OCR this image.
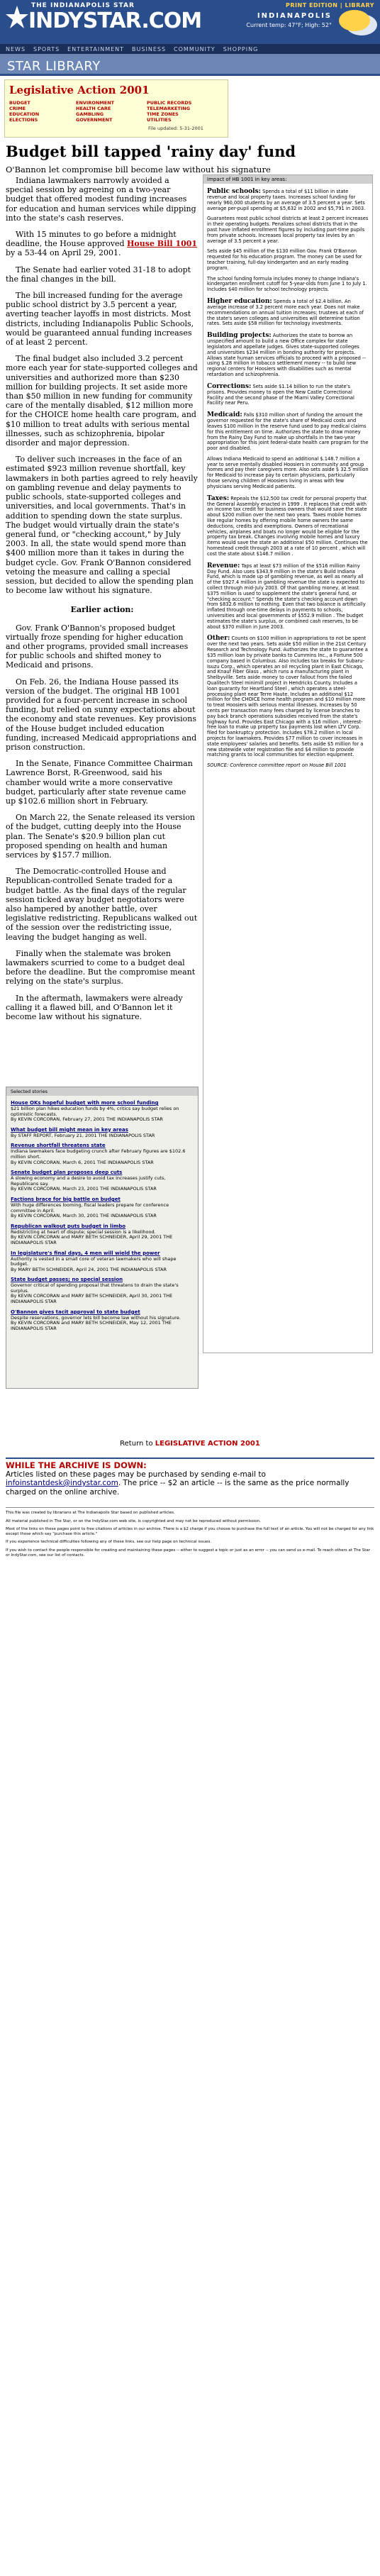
THE INDIANAPOLIS STAR
INDYSTAR.COM
PRINT EDITION | LIBRARY
INDIANAPOLIS
Current temp: 47°F; High: 52°
NEWS SPORTS ENTERTAINMENT BUSINESS COMMUNITY SHOPPING
STAR LIBRARY
Legislative Action 2001
BUDGET
CRIME
EDUCATION
ELECTIONS
ENVIRONMENT
HEALTH CARE
GAMBLING
GOVERNMENT
PUBLIC RECORDS
TELEMARKETING
TIME ZONES
UTILITIES
File updated: 5-31-2001
Budget bill tapped 'rainy day' fund
O'Bannon let compromise bill become law without his signature

Indiana lawmakers narrowly avoided a special session by agreeing on a two-year budget that offered modest funding increases for education and human services while dipping into the state's cash reserves.

With 15 minutes to go before a midnight deadline, the House approved House Bill 1001 by a 53-44 on April 29, 2001.

The Senate had earlier voted 31-18 to adopt the final changes in the bill.

The bill increased funding for the average public school district by 3.5 percent a year, averting teacher layoffs in most districts. Most districts, including Indianapolis Public Schools, would be guaranteed annual funding increases of at least 2 percent.

The final budget also included 3.2 percent more each year for state-supported colleges and universities and authorized more than $230 million for building projects. It set aside more than $50 million in new funding for community care of the mentally disabled, $12 million more for the CHOICE home health care program, and $10 million to treat adults with serious mental illnesses, such as schizophrenia, bipolar disorder and major depression.

To deliver such increases in the face of an estimated $923 million revenue shortfall, key lawmakers in both parties agreed to rely heavily on gambling revenue and delay payments to public schools, state-supported colleges and universities, and local governments. That's in addition to spending down the state surplus. The budget would virtually drain the state's general fund, or "checking account," by July 2003. In all, the state would spend more than $400 million more than it takes in during the budget cycle. Gov. Frank O'Bannon considered vetoing the measure and calling a special session, but decided to allow the spending plan to become law without his signature.

Earlier action:

Gov. Frank O'Bannon's proposed budget virtually froze spending for higher education and other programs, provided small increases for public schools and shifted money to Medicaid and prisons.

On Feb. 26, the Indiana House passed its version of the budget. The original HB 1001 provided for a four-percent increase in school funding, but relied on sunny expectations about the economy and state revenues. Key provisions of the House budget included education funding, increased Medicaid appropriations and prison construction.

In the Senate, Finance Committee Chairman Lawrence Borst, R-Greenwood, said his chamber would write a more conservative budget, particularly after state revenue came up $102.6 million short in February.

On March 22, the Senate released its version of the budget, cutting deeply into the House plan. The Senate's $20.9 billion plan cut proposed spending on health and human services by $157.7 million.

The Democratic-controlled House and Republican-controlled Senate traded for a budget battle. As the final days of the regular session ticked away budget negotiators were also hampered by another battle, over legislative redistricting. Republicans walked out of the session over the redistricting issue, leaving the budget hanging as well.

Finally when the stalemate was broken lawmakers scurried to come to a budget deal before the deadline. But the compromise meant relying on the state's surplus.

In the aftermath, lawmakers were already calling it a flawed bill, and O'Bannon let it become law without his signature.

Selected stories
House OKs hopeful budget with more school funding
$21 billion plan hikes education funds by 4%, critics say budget relies on optimistic forecasts.
By KEVIN CORCORAN, February 27, 2001 THE INDIANAPOLIS STAR
What budget bill might mean in key areas
By STAFF REPORT, February 21, 2001 THE INDIANAPOLIS STAR
Revenue shortfall threatens state
Indiana lawmakers face budgeting crunch after February figures are $102.6 million short.
By KEVIN CORCORAN, March 6, 2001 THE INDIANAPOLIS STAR
Senate budget plan proposes deep cuts
A slowing economy and a desire to avoid tax increases justify cuts, Republicans say.
By KEVIN CORCORAN, March 23, 2001 THE INDIANAPOLIS STAR
Factions brace for big battle on budget
With huge differences looming, fiscal leaders prepare for conference committee in April.
By KEVIN CORCORAN, March 30, 2001 THE INDIANAPOLIS STAR
Republican walkout puts budget in limbo
Redistricting at heart of dispute; special session is a likelihood.
By KEVIN CORCORAN and MARY BETH SCHNEIDER, April 29, 2001 THE INDIANAPOLIS STAR
In legislature's final days, 4 men will wield the power
Authority is vested in a small core of veteran lawmakers who will shape budget.
By MARY BETH SCHNEIDER, April 24, 2001 THE INDIANAPOLIS STAR
State budget passes; no special session
Governor critical of spending proposal that threatens to drain the state's surplus.
By KEVIN CORCORAN and MARY BETH SCHNEIDER, April 30, 2001 THE INDIANAPOLIS STAR
O'Bannon gives tacit approval to state budget
Despite reservations, governor lets bill become law without his signature.
By KEVIN CORCORAN and MARY BETH SCHNEIDER, May 12, 2001 THE INDIANAPOLIS STAR
Impact of HB 1001 in key areas:

Public schools: Spends a total of $11 billion in state revenue and local property taxes. Increases school funding for nearly 960,000 students by an average of 3.5 percent a year. Sets average per-pupil spending at $5,632 in 2002 and $5,791 in 2003.

Guarantees most public school districts at least 2 percent increases in their operating budgets. Penalizes school districts that in the past have inflated enrollment figures by including part-time pupils from private schools. Increases local property tax levies by an average of 3.5 percent a year.

Sets aside $45 million of the $130 million Gov. Frank O'Bannon requested for his education program. The money can be used for teacher training, full-day kindergarten and an early reading program.

The school funding formula includes money to change Indiana's kindergarten enrollment cutoff for 5-year-olds from June 1 to July 1. Includes $40 million for school technology projects.

Higher education: Spends a total of $2.4 billion. An average increase of 3.2 percent more each year. Does not make recommendations on annual tuition increases; trustees at each of the state's seven colleges and universities will determine tuition rates. Sets aside $58 million for technology investments.

Building projects: Authorizes the state to borrow an unspecified amount to build a new Office complex for state legislators and appellate judges. Gives state-supported colleges and universities $234 million in bonding authority for projects. Allows state human services officials to proceed with a proposed -- using $.28 million in tobacco settlement money -- to build new regional centers for Hoosiers with disabilities such as mental retardation and schizophrenia.

Corrections: Sets aside $1.14 billion to run the state's prisons. Provides money to open the New Castle Correctional Facility and the second phase of the Miami Valley Correctional Facility near Peru.

Medicaid: Falls $310 million short of funding the amount the governor requested for the state's share of Medicaid costs and leaves $100 million in the reserve fund used to pay medical claims for this entitlement on time. Authorizes the state to draw money from the Rainy Day Fund to make up shortfalls in the two-year appropriation for this joint federal-state health care program for the poor and disabled.

Allows Indiana Medicaid to spend an additional $.148.7 million a year to serve mentally disabled Hoosiers in community and group homes and pay their caregivers more. Also sets aside $ 32.5 million for Medicaid to increase pay to certain physicians, particularly those serving children of Hoosiers living in areas with few physicians serving Medicaid patients.

Taxes: Repeals the $12,500 tax credit for personal property that the General Assembly enacted in 1999 . It replaces that credit with an income tax credit for business owners that would save the state about $200 million over the next two years. Taxes mobile homes like regular homes by offering mobile home owners the same deductions, credits and exemptions. Owners of recreational vehicles, airplanes and boats no longer would be eligible for the property tax break. Changes involving mobile homes and luxury items would save the state an additional $50 million. Continues the homestead credit through 2003 at a rate of 10 percent , which will cost the state about $146.7 million .

Revenue: Taps at least $73 million of the $516 million Rainy Day Fund. Also uses $343.9 million in the state's Build Indiana Fund, which is made up of gambling revenue, as well as nearly all of the $927.4 million in gambling revenue the state is expected to collect through mid-July 2003. Of that gambling money, at least $375 million is used to supplement the state's general fund, or "checking account." Spends the state's checking account down from $832.6 million to nothing. Even that two balance is artificially inflated through one-time delays in payments to schools, universities and local governments of $552.9 million . The budget estimates the state's surplus, or combined cash reserves, to be about $370 million in June 2003.

Other: Counts on $100 million in appropriations to not be spent over the next two years. Sets aside $50 million in the 21st Century Research and Technology Fund. Authorizes the state to guarantee a $35 million loan by private banks to Cummins Inc., a Fortune 500 company based in Columbus. Also includes tax breaks for Subaru-Isuzu Corp., which operates an oil recycling plant in East Chicago, and Knauf Fiber Glass , which runs a manufacturing plant in Shelbyville. Sets aside money to cover fallout from the failed Qualitech Steel minimill project in Hendricks County. Includes a loan guaranty for Heartland Steel , which operates a steel- processing plant near Terre Haute. Includes an additional $12 million for the CHOICE home health program and $10 million more to treat Hoosiers with serious mental illnesses. Increases by 50 cents per transaction many fees charged by license branches to pay back branch operations subsidies received from the state's highway fund. Provides East Chicago with a $16 million , interest-free loan to make up property tax payments lost when LTV Corp. filed for bankruptcy protection. Includes $78.2 million in local projects for lawmakers. Provides $77 million to cover increases in state employees' salaries and benefits. Sets aside $5 million for a new statewide voter registration file and $4 million to provide matching grants to local communities for election equipment.

SOURCE: Conference committee report on House Bill 1001

Return to LEGISLATIVE ACTION 2001
WHILE THE ARCHIVE IS DOWN:
Articles listed on these pages may be purchased by sending e-mail to infoinstantdesk@indystar.com. The price -- $2 an article -- is the same as the price normally charged on the online archive.

This file was created by librarians at The Indianapolis Star based on published articles.

All material published in The Star, or on the IndyStar.com web site, is copyrighted and may not be reproduced without permission.

Most of the links on these pages point to free citations of articles in our archive. There is a $2 charge if you choose to purchase the full text of an article. You will not be charged for any link except those which say "purchase this article."

If you experience technical difficulties following any of these links, see our help page on technical issues.

If you wish to contact the people responsible for creating and maintaining these pages -- either to suggest a topic or just as an error -- you can send us e-mail. To reach others at The Star or IndyStar.com, see our list of contacts.
